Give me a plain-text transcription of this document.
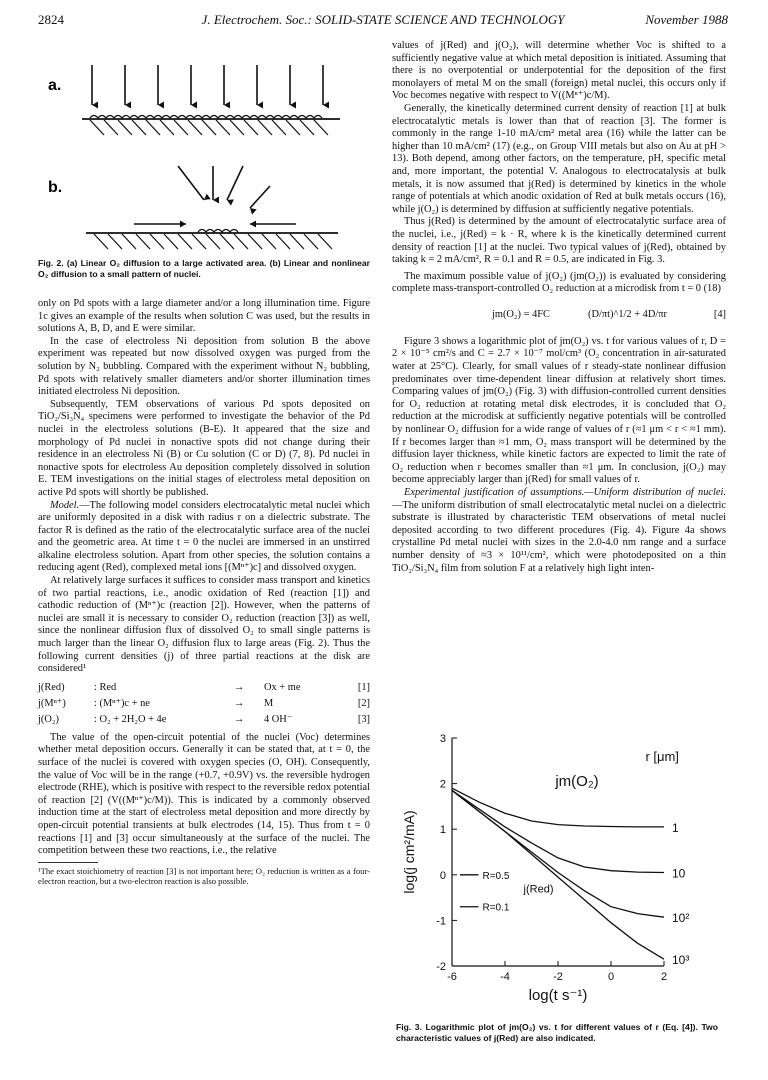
2824	J. Electrochem. Soc.: SOLID-STATE SCIENCE AND TECHNOLOGY	November 1988
a.
b.
Fig. 2. (a) Linear O₂ diffusion to a large activated area. (b) Linear and nonlinear O₂ diffusion to a small pattern of nuclei.

only on Pd spots with a large diameter and/or a long illumination time. Figure 1c gives an example of the results when solution C was used, but the results in solutions A, B, D, and E were similar.

In the case of electroless Ni deposition from solution B the above experiment was repeated but now dissolved oxygen was purged from the solution by N₂ bubbling. Compared with the experiment without N₂ bubbling, Pd spots with relatively smaller diameters and/or shorter illumination times initiated electroless Ni deposition.

Subsequently, TEM observations of various Pd spots deposited on TiO₂/Si₃N₄ specimens were performed to investigate the behavior of the Pd nuclei in the electroless solutions (B-E). It appeared that the size and morphology of Pd nuclei in nonactive spots did not change during their residence in an electroless Ni (B) or Cu solution (C or D) (7, 8). Pd nuclei in nonactive spots for electroless Au deposition completely dissolved in solution E. TEM investigations on the initial stages of electroless metal deposition on active Pd spots will shortly be published.

Model.—The following model considers electrocatalytic metal nuclei which are uniformly deposited in a disk with radius r on a dielectric substrate. The factor R is defined as the ratio of the electrocatalytic surface area of the nuclei and the geometric area. At time t = 0 the nuclei are immersed in an unstirred alkaline electroless solution. Apart from other species, the solution contains a reducing agent (Red), complexed metal ions [(Mⁿ⁺)c] and dissolved oxygen.

At relatively large surfaces it suffices to consider mass transport and kinetics of two partial reactions, i.e., anodic oxidation of Red (reaction [1]) and cathodic reduction of (Mⁿ⁺)c (reaction [2]). However, when the patterns of nuclei are small it is necessary to consider O₂ reduction (reaction [3]) as well, since the nonlinear diffusion flux of dissolved O₂ to small single patterns is much larger than the linear O₂ diffusion flux to large areas (Fig. 2). Thus the following current densities (j) of three partial reactions at the disk are considered¹

j(Red)	: Red	→	Ox + me	[1]
j(Mⁿ⁺)	: (Mⁿ⁺)c + ne	→	M	[2]
j(O₂)	: O₂ + 2H₂O + 4e	→	4 OH⁻	[3]

The value of the open-circuit potential of the nuclei (Voc) determines whether metal deposition occurs. Generally it can be stated that, at t = 0, the surface of the nuclei is covered with oxygen species (O, OH). Consequently, the value of Voc will be in the range (+0.7, +0.9V) vs. the reversible hydrogen electrode (RHE), which is positive with respect to the reversible redox potential of reaction [2] (V((Mⁿ⁺)c/M)). This is indicated by a commonly observed induction time at the start of electroless metal deposition and more directly by open-circuit potential transients at bulk electrodes (14, 15). Thus from t = 0 reactions [1] and [3] occur simultaneously at the surface of the nuclei. The competition between these two reactions, i.e., the relative

¹The exact stoichiometry of reaction [3] is not important here; O₂ reduction is written as a four-electron reaction, but a two-electron reaction is also possible.

values of j(Red) and j(O₂), will determine whether Voc is shifted to a sufficiently negative value at which metal deposition is initiated. Assuming that there is no overpotential or underpotential for the deposition of the first monolayers of metal M on the small (foreign) metal nuclei, this occurs only if Voc becomes negative with respect to V((Mⁿ⁺)c/M).

Generally, the kinetically determined current density of reaction [1] at bulk electrocatalytic metals is lower than that of reaction [3]. The former is commonly in the range 1-10 mA/cm² metal area (16) while the latter can be higher than 10 mA/cm² (17) (e.g., on Group VIII metals but also on Au at pH > 13). Both depend, among other factors, on the temperature, pH, specific metal and, more important, the potential V. Analogous to electrocatalysis at bulk metals, it is now assumed that j(Red) is determined by kinetics in the whole range of potentials at which anodic oxidation of Red at bulk metals occurs (16), while j(O₂) is determined by diffusion at sufficiently negative potentials.

Thus j(Red) is determined by the amount of electrocatalytic surface area of the nuclei, i.e., j(Red) = k · R, where k is the kinetically determined current density of reaction [1] at the nuclei. Two typical values of j(Red), obtained by taking k = 2 mA/cm², R = 0.1 and R = 0.5, are indicated in Fig. 3.

The maximum possible value of j(O₂) (jm(O₂)) is evaluated by considering complete mass-transport-controlled O₂ reduction at a microdisk from t = 0 (18)

jm(O₂) = 4FC	(D/πt)^1/2 + 4D/πr	[4]

Figure 3 shows a logarithmic plot of jm(O₂) vs. t for various values of r, D = 2 × 10⁻⁵ cm²/s and C = 2.7 × 10⁻⁷ mol/cm³ (O₂ concentration in air-saturated water at 25°C). Clearly, for small values of r steady-state nonlinear diffusion predominates over time-dependent linear diffusion at relatively short times. Comparing values of jm(O₂) (Fig. 3) with diffusion-controlled current densities for O₂ reduction at rotating metal disk electrodes, it is concluded that O₂ reduction at the microdisk at sufficiently negative potentials will be controlled by nonlinear O₂ diffusion for a wide range of values of r (≈1 μm < r < ≈1 mm). If r becomes larger than ≈1 mm, O₂ mass transport will be determined by the diffusion layer thickness, while kinetic factors are expected to limit the rate of O₂ reduction when r becomes smaller than ≈1 μm. In conclusion, j(O₂) may become appreciably larger than j(Red) for small values of r.

Experimental justification of assumptions.—Uniform distribution of nuclei.—The uniform distribution of small electrocatalytic metal nuclei on a dielectric substrate is illustrated by characteristic TEM observations of metal nuclei deposited according to two different procedures (Fig. 4). Figure 4a shows crystalline Pd metal nuclei with sizes in the 2.0-4.0 nm range and a surface number density of ≈3 × 10¹¹/cm², which were photodeposited on a thin TiO₂/Si₃N₄ film from solution F at a relatively high light inten-

-6	-4	-2	0	2
3
2
1
0
-1
-2
log(t s⁻¹)
log(j cm²/mA)	1
10
10²
10³
R=0.5
R=0.1
j(Red)
jm(O₂)
r [μm]
Fig. 3. Logarithmic plot of jm(O₂) vs. t for different values of r (Eq. [4]). Two characteristic values of j(Red) are also indicated.
